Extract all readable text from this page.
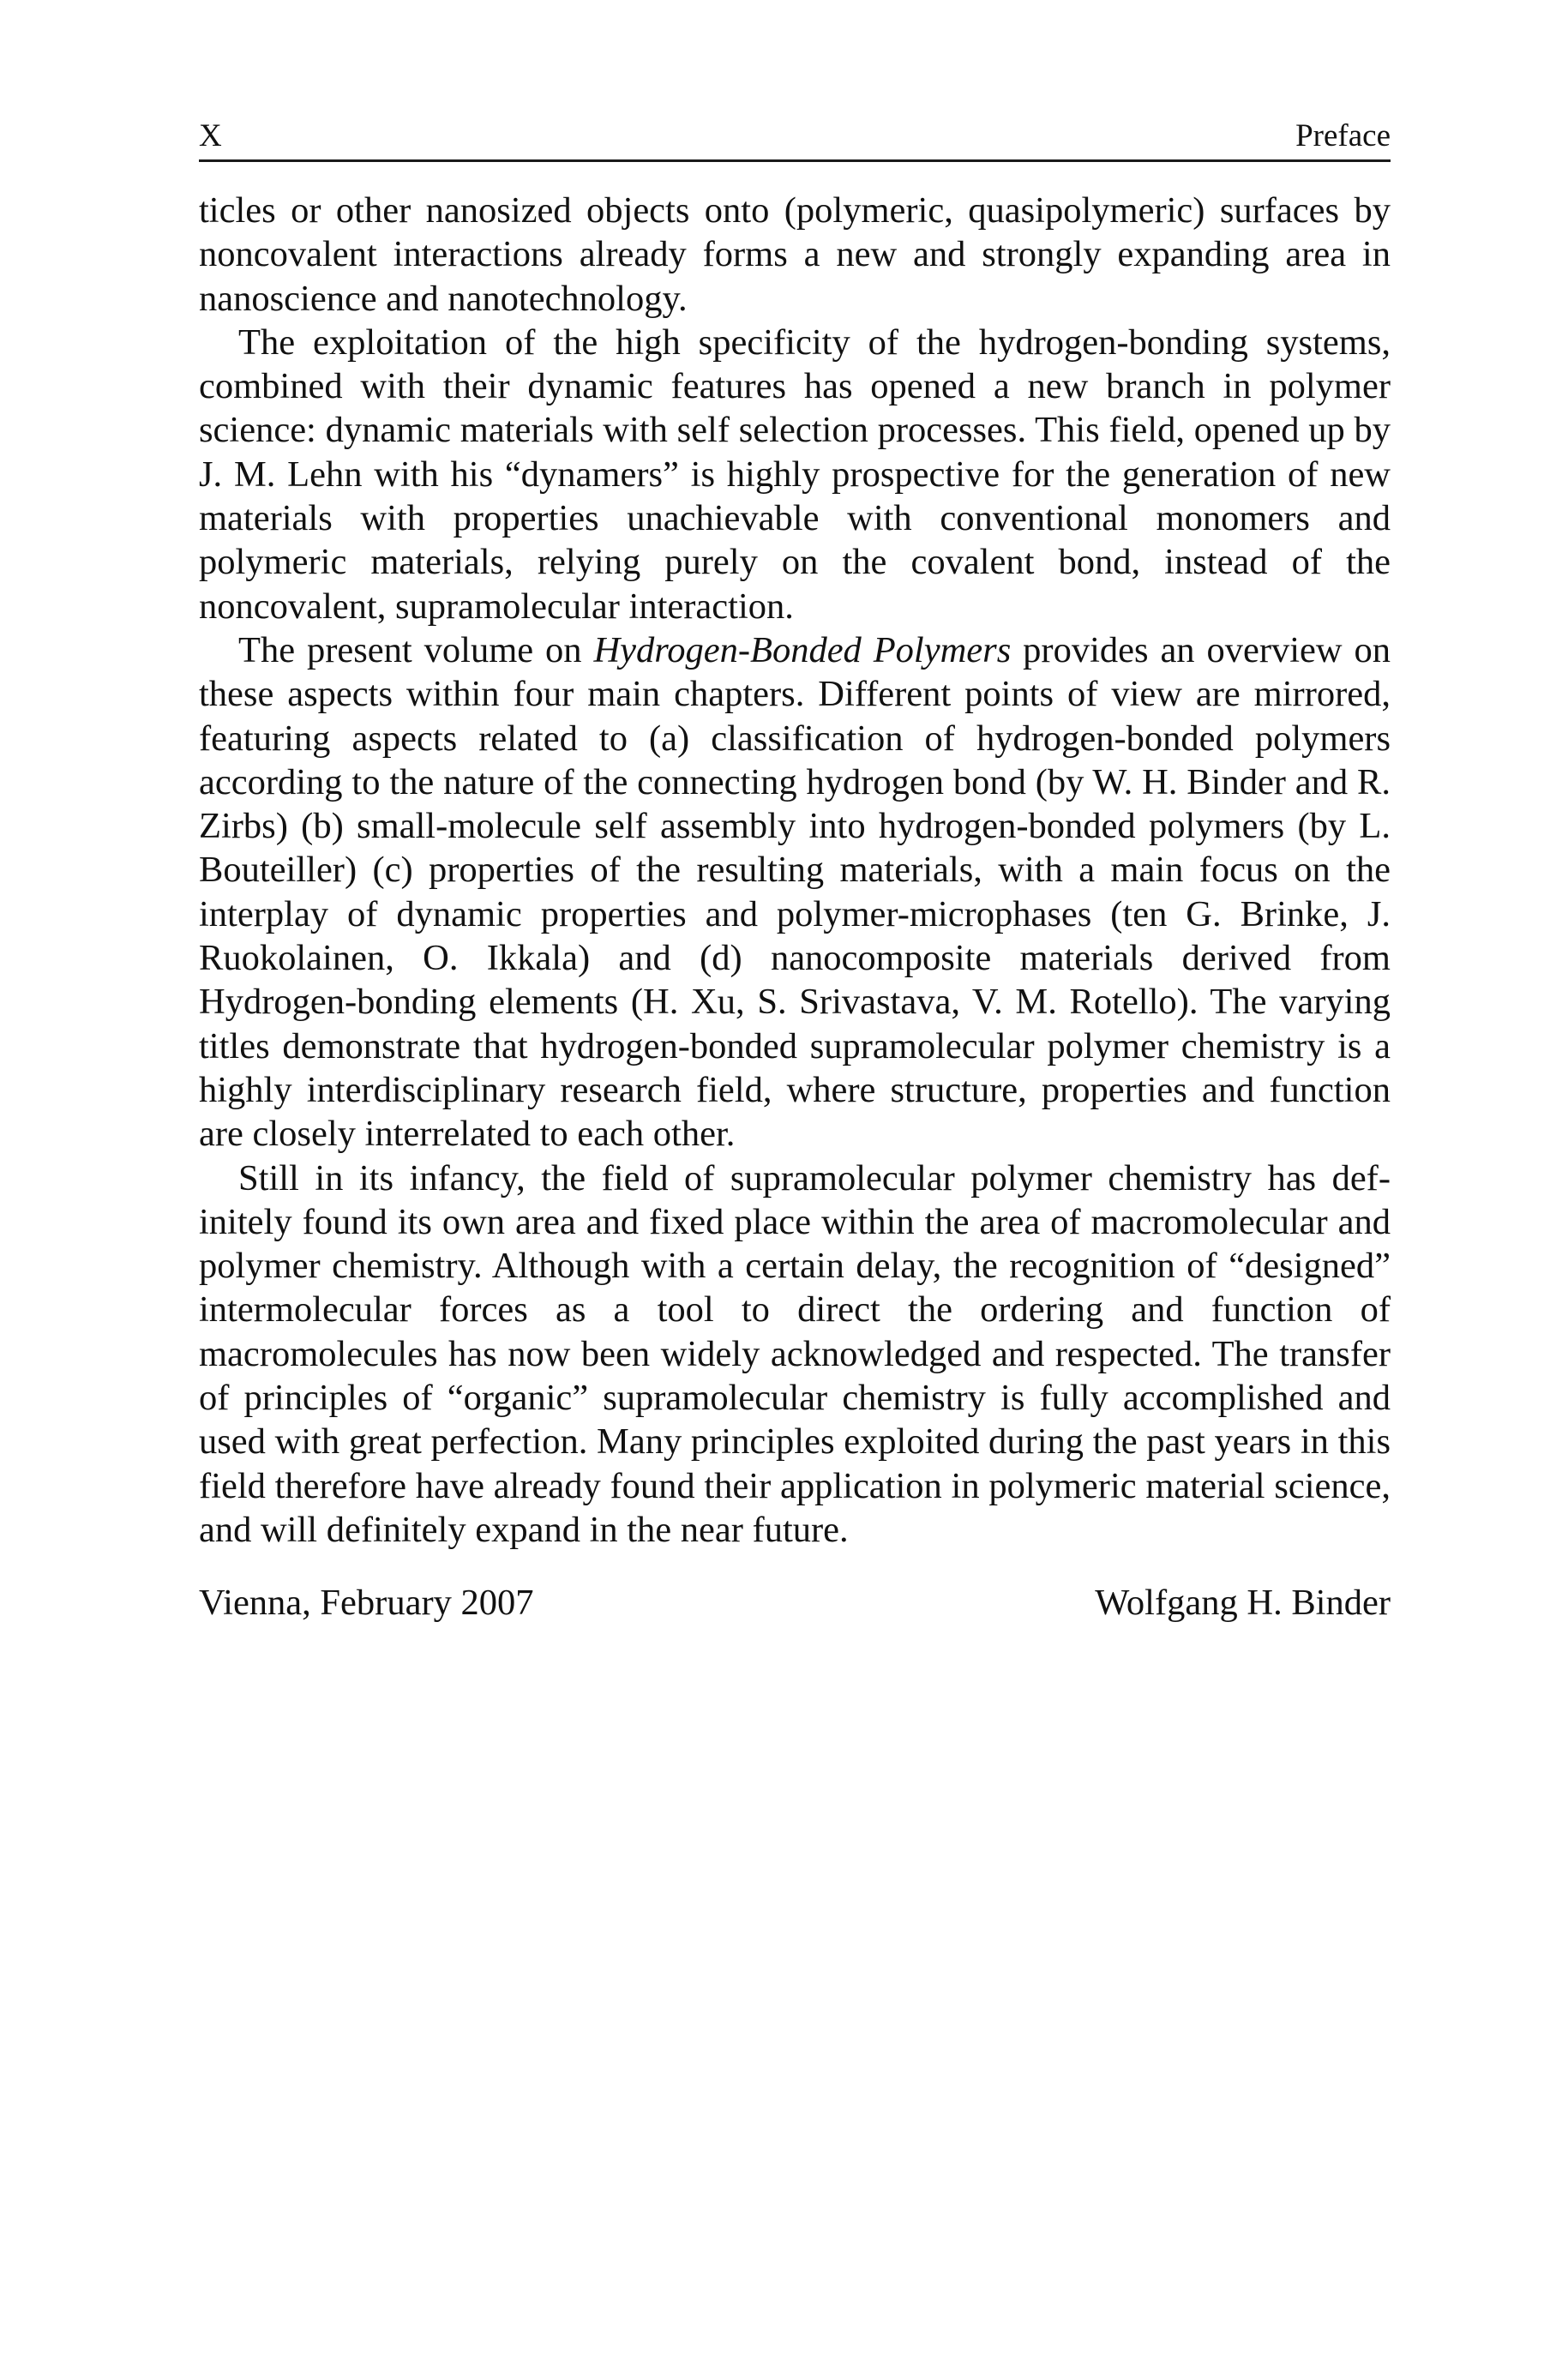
X	Preface

ticles or other nanosized objects onto (polymeric, quasipolymeric) surfaces by noncovalent interactions already forms a new and strongly expanding area in nanoscience and nanotechnology.

The exploitation of the high specificity of the hydrogen-bonding systems, combined with their dynamic features has opened a new branch in polymer science: dynamic materials with self selection processes. This field, opened up by J. M. Lehn with his “dynamers” is highly prospective for the generation of new materials with properties unachievable with conventional monomers and polymeric materials, relying purely on the covalent bond, instead of the noncovalent, supramolecular interaction.

The present volume on Hydrogen-Bonded Polymers provides an overview on these aspects within four main chapters. Different points of view are mirrored, featuring aspects related to (a) classification of hydrogen-bonded polymers according to the nature of the connecting hydrogen bond (by W. H. Binder and R. Zirbs) (b) small-molecule self assembly into hydrogen-bonded polymers (by L. Bouteiller) (c) properties of the resulting materials, with a main focus on the interplay of dynamic properties and polymer-microphases (ten G. Brinke, J. Ruokolainen, O. Ikkala) and (d) nanocomposite materials derived from Hydrogen-bonding elements (H. Xu, S. Srivastava, V. M. Rotello). The varying titles demonstrate that hydrogen-bonded supramolecular polymer chemistry is a highly interdisciplinary research field, where structure, properties and function are closely interrelated to each other.

Still in its infancy, the field of supramolecular polymer chemistry has definitely found its own area and fixed place within the area of macromolecular and polymer chemistry. Although with a certain delay, the recognition of “designed” intermolecular forces as a tool to direct the ordering and function of macromolecules has now been widely acknowledged and respected. The transfer of principles of “organic” supramolecular chemistry is fully accomplished and used with great perfection. Many principles exploited during the past years in this field therefore have already found their application in polymeric material science, and will definitely expand in the near future.

Vienna, February 2007	Wolfgang H. Binder
